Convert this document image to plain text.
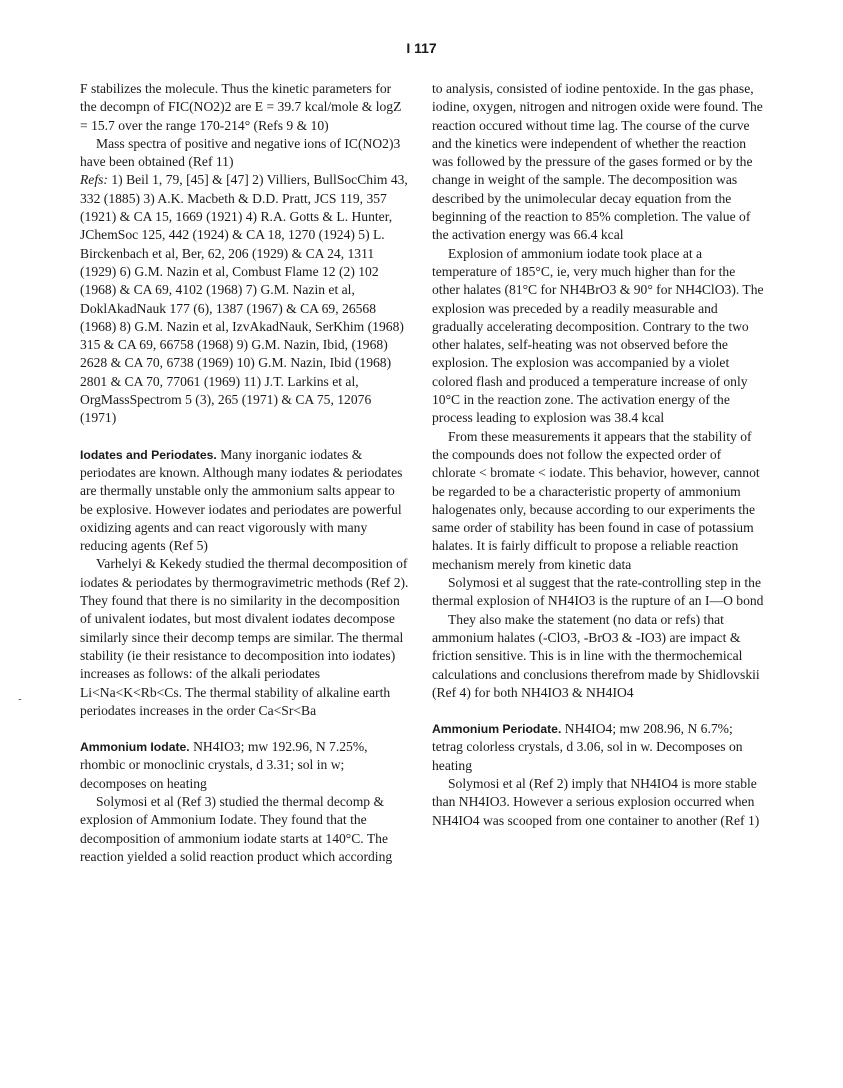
I 117

F stabilizes the molecule. Thus the kinetic parameters for the decompn of FIC(NO2)2 are E = 39.7 kcal/mole & logZ = 15.7 over the range 170-214° (Refs 9 & 10)

Mass spectra of positive and negative ions of IC(NO2)3 have been obtained (Ref 11)

Refs: 1) Beil 1, 79, [45] & [47] 2) Villiers, BullSocChim 43, 332 (1885) 3) A.K. Macbeth & D.D. Pratt, JCS 119, 357 (1921) & CA 15, 1669 (1921) 4) R.A. Gotts & L. Hunter, JChemSoc 125, 442 (1924) & CA 18, 1270 (1924) 5) L. Birckenbach et al, Ber, 62, 206 (1929) & CA 24, 1311 (1929) 6) G.M. Nazin et al, Combust Flame 12 (2) 102 (1968) & CA 69, 4102 (1968) 7) G.M. Nazin et al, DoklAkadNauk 177 (6), 1387 (1967) & CA 69, 26568 (1968) 8) G.M. Nazin et al, IzvAkadNauk, SerKhim (1968) 315 & CA 69, 66758 (1968) 9) G.M. Nazin, Ibid, (1968) 2628 & CA 70, 6738 (1969) 10) G.M. Nazin, Ibid (1968) 2801 & CA 70, 77061 (1969) 11) J.T. Larkins et al, OrgMassSpectrom 5 (3), 265 (1971) & CA 75, 12076 (1971)

Iodates and Periodates. Many inorganic iodates & periodates are known. Although many iodates & periodates are thermally unstable only the ammonium salts appear to be explosive. However iodates and periodates are powerful oxidizing agents and can react vigorously with many reducing agents (Ref 5)

Varhelyi & Kekedy studied the thermal decomposition of iodates & periodates by thermogravimetric methods (Ref 2). They found that there is no similarity in the decomposition of univalent iodates, but most divalent iodates decompose similarly since their decomp temps are similar. The thermal stability (ie their resistance to decomposition into iodates) increases as follows: of the alkali periodates Li<Na<K<Rb<Cs. The thermal stability of alkaline earth periodates increases in the order Ca<Sr<Ba

Ammonium Iodate. NH4IO3; mw 192.96, N 7.25%, rhombic or monoclinic crystals, d 3.31; sol in w; decomposes on heating

Solymosi et al (Ref 3) studied the thermal decomp & explosion of Ammonium Iodate. They found that the decomposition of ammonium iodate starts at 140°C. The reaction yielded a solid reaction product which according

to analysis, consisted of iodine pentoxide. In the gas phase, iodine, oxygen, nitrogen and nitrogen oxide were found. The reaction occured without time lag. The course of the curve and the kinetics were independent of whether the reaction was followed by the pressure of the gases formed or by the change in weight of the sample. The decomposition was described by the unimolecular decay equation from the beginning of the reaction to 85% completion. The value of the activation energy was 66.4 kcal

Explosion of ammonium iodate took place at a temperature of 185°C, ie, very much higher than for the other halates (81°C for NH4BrO3 & 90° for NH4ClO3). The explosion was preceded by a readily measurable and gradually accelerating decomposition. Contrary to the two other halates, self-heating was not observed before the explosion. The explosion was accompanied by a violet colored flash and produced a temperature increase of only 10°C in the reaction zone. The activation energy of the process leading to explosion was 38.4 kcal

From these measurements it appears that the stability of the compounds does not follow the expected order of chlorate < bromate < iodate. This behavior, however, cannot be regarded to be a characteristic property of ammonium halogenates only, because according to our experiments the same order of stability has been found in case of potassium halates. It is fairly difficult to propose a reliable reaction mechanism merely from kinetic data

Solymosi et al suggest that the rate-controlling step in the thermal explosion of NH4IO3 is the rupture of an I—O bond

They also make the statement (no data or refs) that ammonium halates (-ClO3, -BrO3 & -IO3) are impact & friction sensitive. This is in line with the thermochemical calculations and conclusions therefrom made by Shidlovskii (Ref 4) for both NH4IO3 & NH4IO4

Ammonium Periodate. NH4IO4; mw 208.96, N 6.7%; tetrag colorless crystals, d 3.06, sol in w. Decomposes on heating

Solymosi et al (Ref 2) imply that NH4IO4 is more stable than NH4IO3. However a serious explosion occurred when NH4IO4 was scooped from one container to another (Ref 1)

˗
